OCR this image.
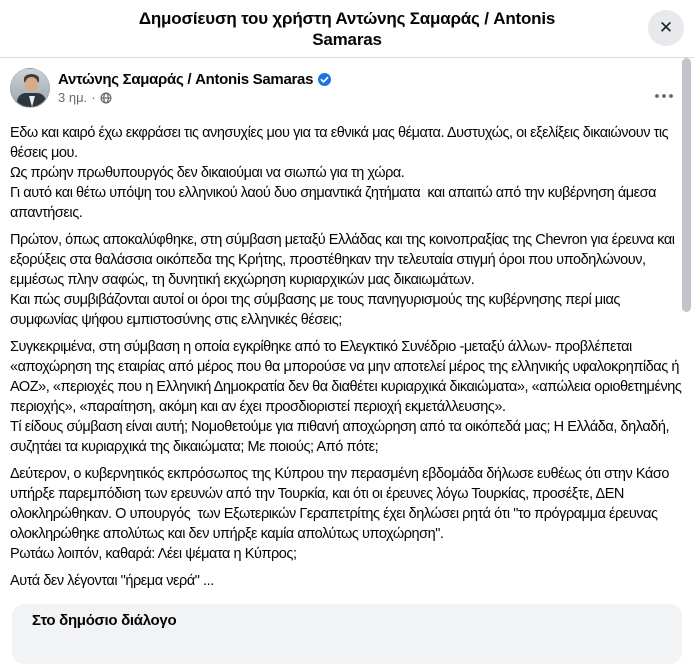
Δημοσίευση του χρήστη Αντώνης Σαμαράς / Antonis Samaras
✕
Αντώνης Σαμαράς / Antonis Samaras
3 ημ. ·
Εδω και καιρό έχω εκφράσει τις ανησυχίες μου για τα εθνικά μας θέματα. Δυστυχώς, οι εξελίξεις δικαιώνουν τις θέσεις μου.
Ως πρώην πρωθυπουργός δεν δικαιούμαι να σιωπώ για τη χώρα.
Γι αυτό και θέτω υπόψη του ελληνικού λαού δυο σημαντικά ζητήματα  και απαιτώ από την κυβέρνηση άμεσα απαντήσεις.
Πρώτον, όπως αποκαλύφθηκε, στη σύμβαση μεταξύ Ελλάδας και της κοινοπραξίας της Chevron για έρευνα και εξορύξεις στα θαλάσσια οικόπεδα της Κρήτης, προστέθηκαν την τελευταία στιγμή όροι που υποδηλώνουν, εμμέσως πλην σαφώς, τη δυνητική εκχώρηση κυριαρχικών μας δικαιωμάτων.
Και πώς συμβιβάζονται αυτοί οι όροι της σύμβασης με τους πανηγυρισμούς της κυβέρνησης περί μιας συμφωνίας ψήφου εμπιστοσύνης στις ελληνικές θέσεις;
Συγκεκριμένα, στη σύμβαση η οποία εγκρίθηκε από το Ελεγκτικό Συνέδριο -μεταξύ άλλων- προβλέπεται «αποχώρηση της εταιρίας από μέρος που θα μπορούσε να μην αποτελεί μέρος της ελληνικής υφαλοκρηπίδας ή ΑΟΖ», «περιοχές που η Ελληνική Δημοκρατία δεν θα διαθέτει κυριαρχικά δικαιώματα», «απώλεια οριοθετημένης περιοχής», «παραίτηση, ακόμη και αν έχει προσδιοριστεί περιοχή εκμετάλλευσης».
Τί είδους σύμβαση είναι αυτή; Νομοθετούμε για πιθανή αποχώρηση από τα οικόπεδά μας; Η Ελλάδα, δηλαδή, συζητάει τα κυριαρχικά της δικαιώματα; Με ποιούς; Από πότε;
Δεύτερον, ο κυβερνητικός εκπρόσωπος της Κύπρου την περασμένη εβδομάδα δήλωσε ευθέως ότι στην Κάσο υπήρξε παρεμπόδιση των ερευνών από την Τουρκία, και ότι οι έρευνες λόγω Τουρκίας, προσέξτε, ΔΕΝ ολοκληρώθηκαν. Ο υπουργός  των Εξωτερικών Γεραπετρίτης έχει δηλώσει ρητά ότι "το πρόγραμμα έρευνας ολοκληρώθηκε απολύτως και δεν υπήρξε καμία απολύτως υποχώρηση".
Ρωτάω λοιπόν, καθαρά: Λέει ψέματα η Κύπρος;
Αυτά δεν λέγονται "ήρεμα νερά" ...
Στο δημόσιο διάλογο
